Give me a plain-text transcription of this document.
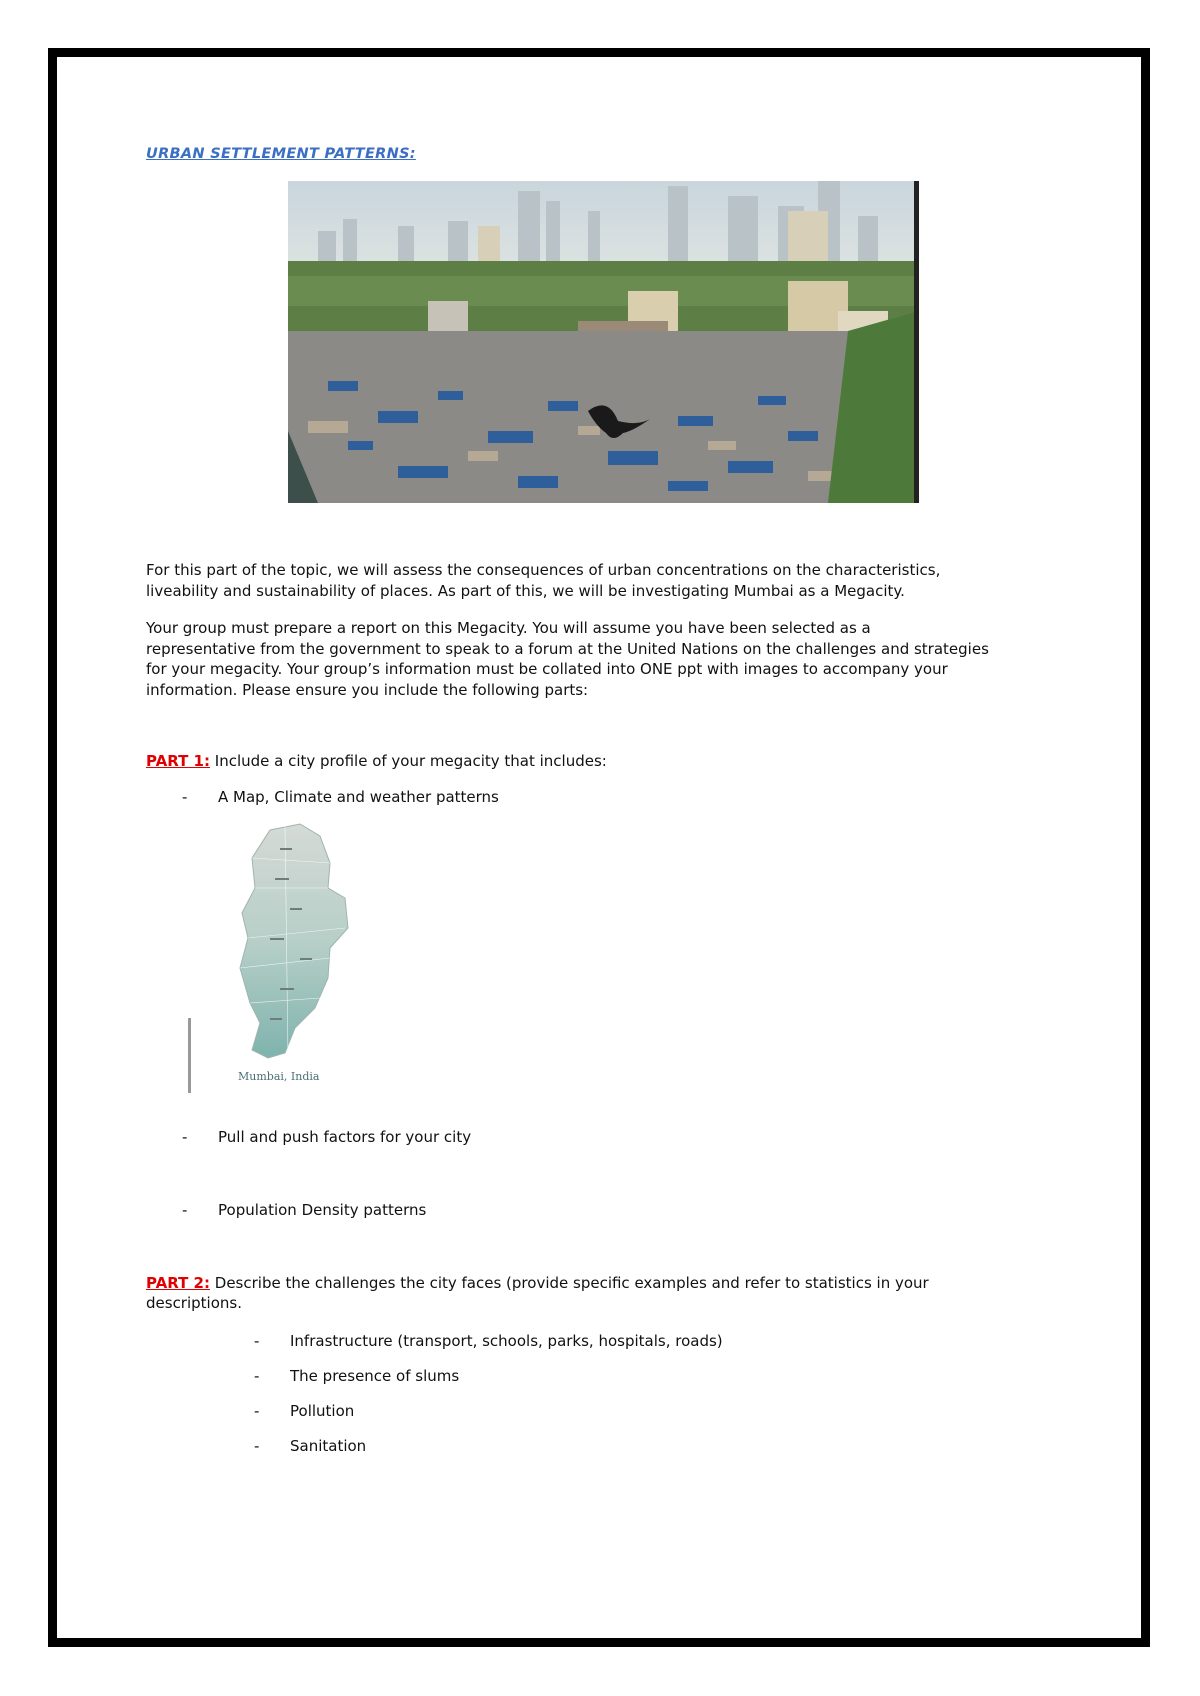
URBAN SETTLEMENT PATTERNS:

For this part of the topic, we will assess the consequences of urban concentrations on the characteristics,

liveability and sustainability of places. As part of this, we will be investigating Mumbai as a Megacity.

Your group must prepare a report on this Megacity. You will assume you have been selected as a

representative from the government to speak to a forum at the United Nations on the challenges and strategies

for your megacity. Your group’s information must be collated into ONE ppt with images to accompany your

information. Please ensure you include the following parts:

PART 1: Include a city profile of your megacity that includes:
- A Map, Climate and weather patterns
Mumbai, India
- Pull and push factors for your city
- Population Density patterns
PART 2: Describe the challenges the city faces (provide specific examples and refer to statistics in your
descriptions.
- Infrastructure (transport, schools, parks, hospitals, roads)
- The presence of slums
- Pollution
- Sanitation
